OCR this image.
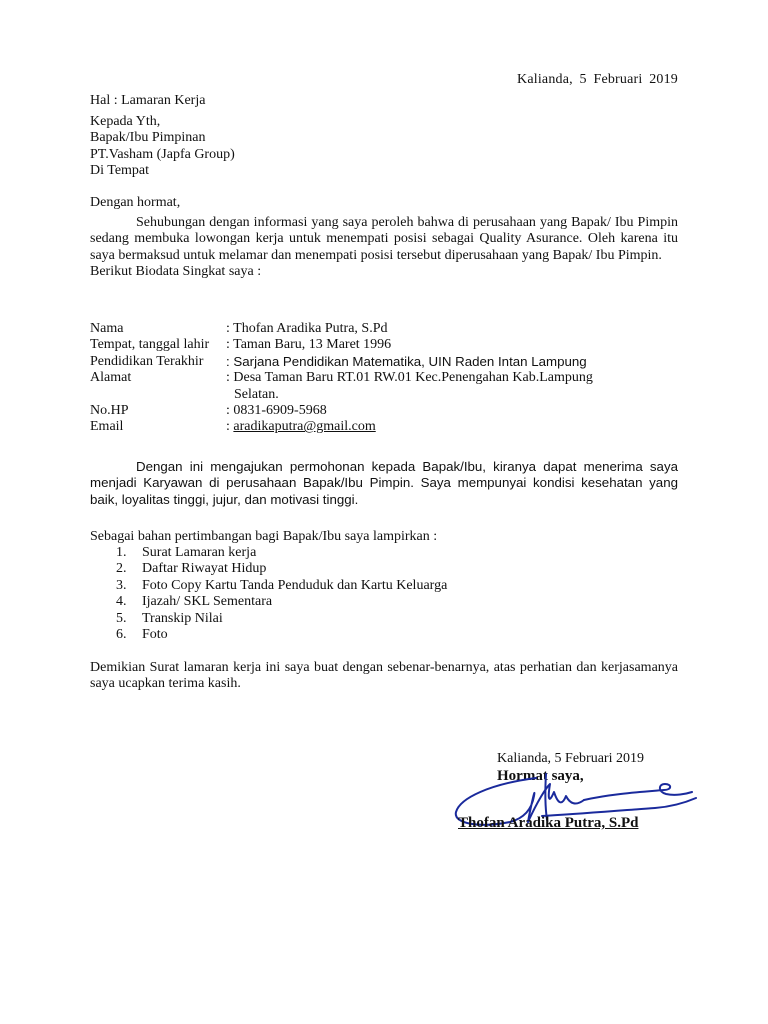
Kalianda, 5 Februari 2019
Hal : Lamaran Kerja
Kepada Yth,
Bapak/Ibu Pimpinan
PT.Vasham (Japfa Group)
Di Tempat
Dengan hormat,
Sehubungan dengan informasi yang saya peroleh bahwa di perusahaan yang Bapak/ Ibu Pimpin sedang membuka lowongan kerja untuk menempati posisi sebagai Quality Asurance. Oleh karena itu saya bermaksud untuk melamar dan menempati posisi tersebut diperusahaan yang Bapak/ Ibu Pimpin.
Berikut Biodata Singkat saya :
Nama	: Thofan Aradika Putra, S.Pd
Tempat, tanggal lahir	: Taman Baru, 13 Maret 1996
Pendidikan Terakhir	: Sarjana Pendidikan Matematika, UIN Raden Intan Lampung
Alamat	: Desa Taman Baru RT.01 RW.01 Kec.Penengahan Kab.Lampung
Selatan.

No.HP	: 0831-6909-5968
Email	: aradikaputra@gmail.com
Dengan ini mengajukan permohonan kepada Bapak/Ibu, kiranya dapat menerima saya menjadi Karyawan di perusahaan Bapak/Ibu Pimpin. Saya mempunyai kondisi kesehatan yang baik, loyalitas tinggi, jujur, dan motivasi tinggi.
Sebagai bahan pertimbangan bagi Bapak/Ibu saya lampirkan :
1. Surat Lamaran kerja
2. Daftar Riwayat Hidup
3. Foto Copy Kartu Tanda Penduduk dan Kartu Keluarga
4. Ijazah/ SKL Sementara
5. Transkip Nilai
6. Foto
Demikian Surat lamaran kerja ini saya buat dengan sebenar-benarnya, atas perhatian dan kerjasamanya saya ucapkan terima kasih.
Kalianda, 5 Februari 2019
Hormat saya,
Thofan Aradika Putra, S.Pd
